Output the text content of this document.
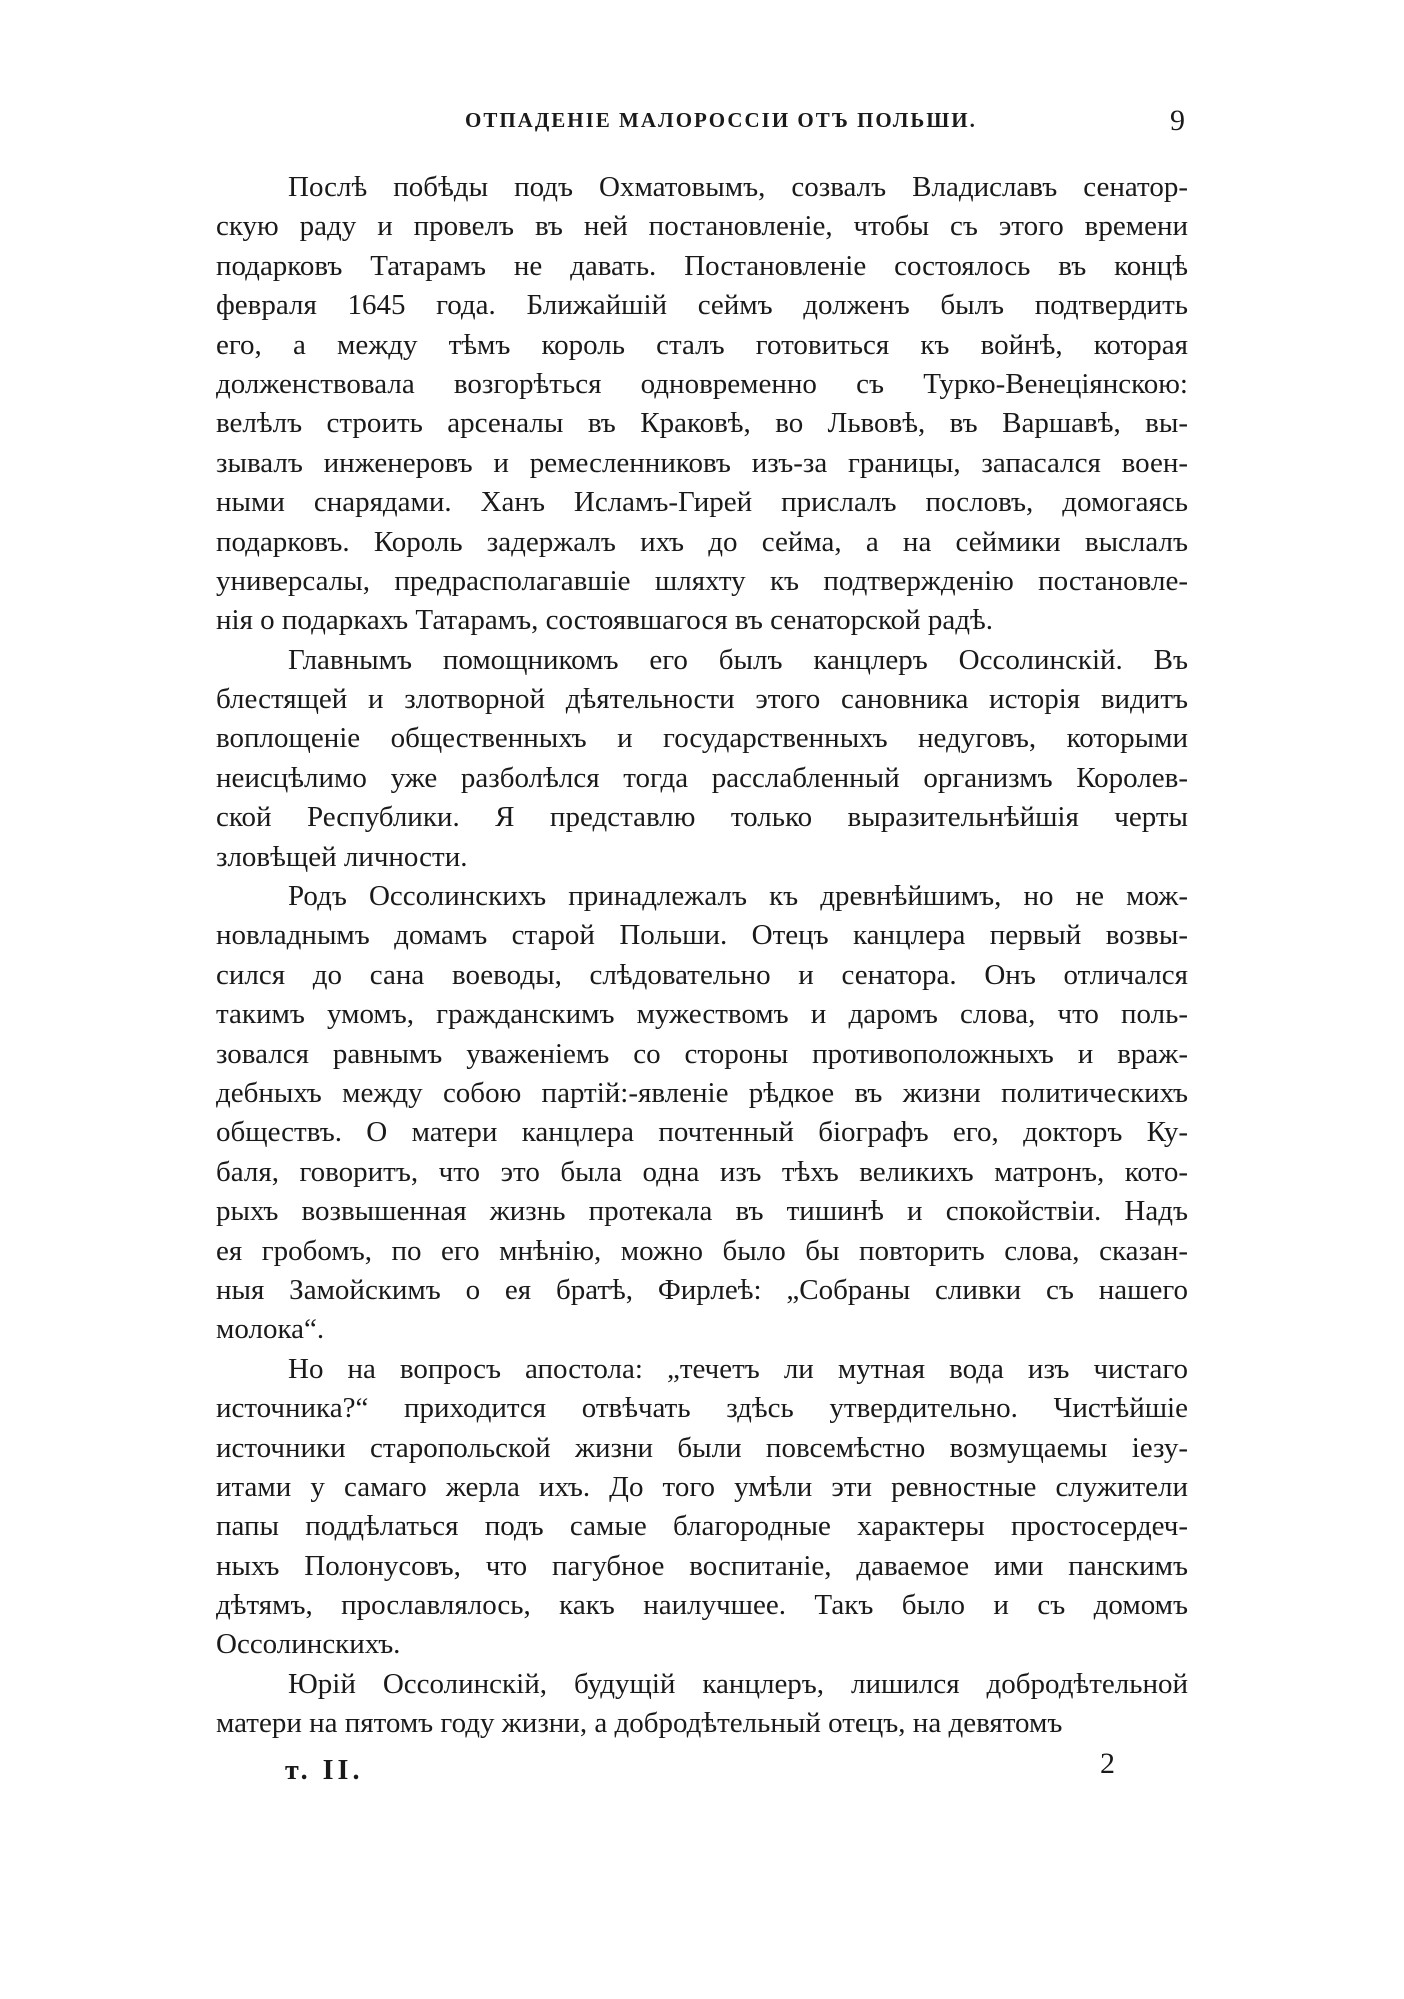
ОТПАДЕНІЕ МАЛОРОССІИ ОТЪ ПОЛЬШИ.	9
Послѣ побѣды подъ Охматовымъ, созвалъ Владиславъ сенатор-
скую раду и провелъ въ ней постановленіе, чтобы съ этого времени
подарковъ Татарамъ не давать. Постановленіе состоялось въ концѣ
февраля 1645 года. Ближайшій сеймъ долженъ былъ подтвердить
его, а между тѣмъ король сталъ готовиться къ войнѣ, которая
долженствовала возгорѣться одновременно съ Турко-Венеціянскою:
велѣлъ строить арсеналы въ Краковѣ, во Львовѣ, въ Варшавѣ, вы-
зывалъ инженеровъ и ремесленниковъ изъ-за границы, запасался воен-
ными снарядами. Ханъ Исламъ-Гирей прислалъ пословъ, домогаясь
подарковъ. Король задержалъ ихъ до сейма, а на сеймики выслалъ
универсалы, предрасполагавшіе шляхту къ подтвержденію постановле-
нія о подаркахъ Татарамъ, состоявшагося въ сенаторской радѣ.
Главнымъ помощникомъ его былъ канцлеръ Оссолинскій. Въ
блестящей и злотворной дѣятельности этого сановника исторія видитъ
воплощеніе общественныхъ и государственныхъ недуговъ, которыми
неисцѣлимо уже разболѣлся тогда расслабленный организмъ Королев-
ской Республики. Я представлю только выразительнѣйшія черты
зловѣщей личности.
Родъ Оссолинскихъ принадлежалъ къ древнѣйшимъ, но не мож-
новладнымъ домамъ старой Польши. Отецъ канцлера первый возвы-
сился до сана воеводы, слѣдовательно и сенатора. Онъ отличался
такимъ умомъ, гражданскимъ мужествомъ и даромъ слова, что поль-
зовался равнымъ уваженіемъ со стороны противоположныхъ и враж-
дебныхъ между собою партій:-явленіе рѣдкое въ жизни политическихъ
обществъ. О матери канцлера почтенный біографъ его, докторъ Ку-
баля, говоритъ, что это была одна изъ тѣхъ великихъ матронъ, кото-
рыхъ возвышенная жизнь протекала въ тишинѣ и спокойствіи. Надъ
ея гробомъ, по его мнѣнію, можно было бы повторить слова, сказан-
ныя Замойскимъ о ея братѣ, Фирлеѣ: „Собраны сливки съ нашего
молока“.
Но на вопросъ апостола: „течетъ ли мутная вода изъ чистаго
источника?“ приходится отвѣчать здѣсь утвердительно. Чистѣйшіе
источники старопольской жизни были повсемѣстно возмущаемы іезу-
итами у самаго жерла ихъ. До того умѣли эти ревностные служители
папы поддѣлаться подъ самые благородные характеры простосердеч-
ныхъ Полонусовъ, что пагубное воспитаніе, даваемое ими панскимъ
дѣтямъ, прославлялось, какъ наилучшее. Такъ было и съ домомъ
Оссолинскихъ.
Юрій Оссолинскій, будущій канцлеръ, лишился добродѣтельной
матери на пятомъ году жизни, а добродѣтельный отецъ, на девятомъ
т. II.	2
